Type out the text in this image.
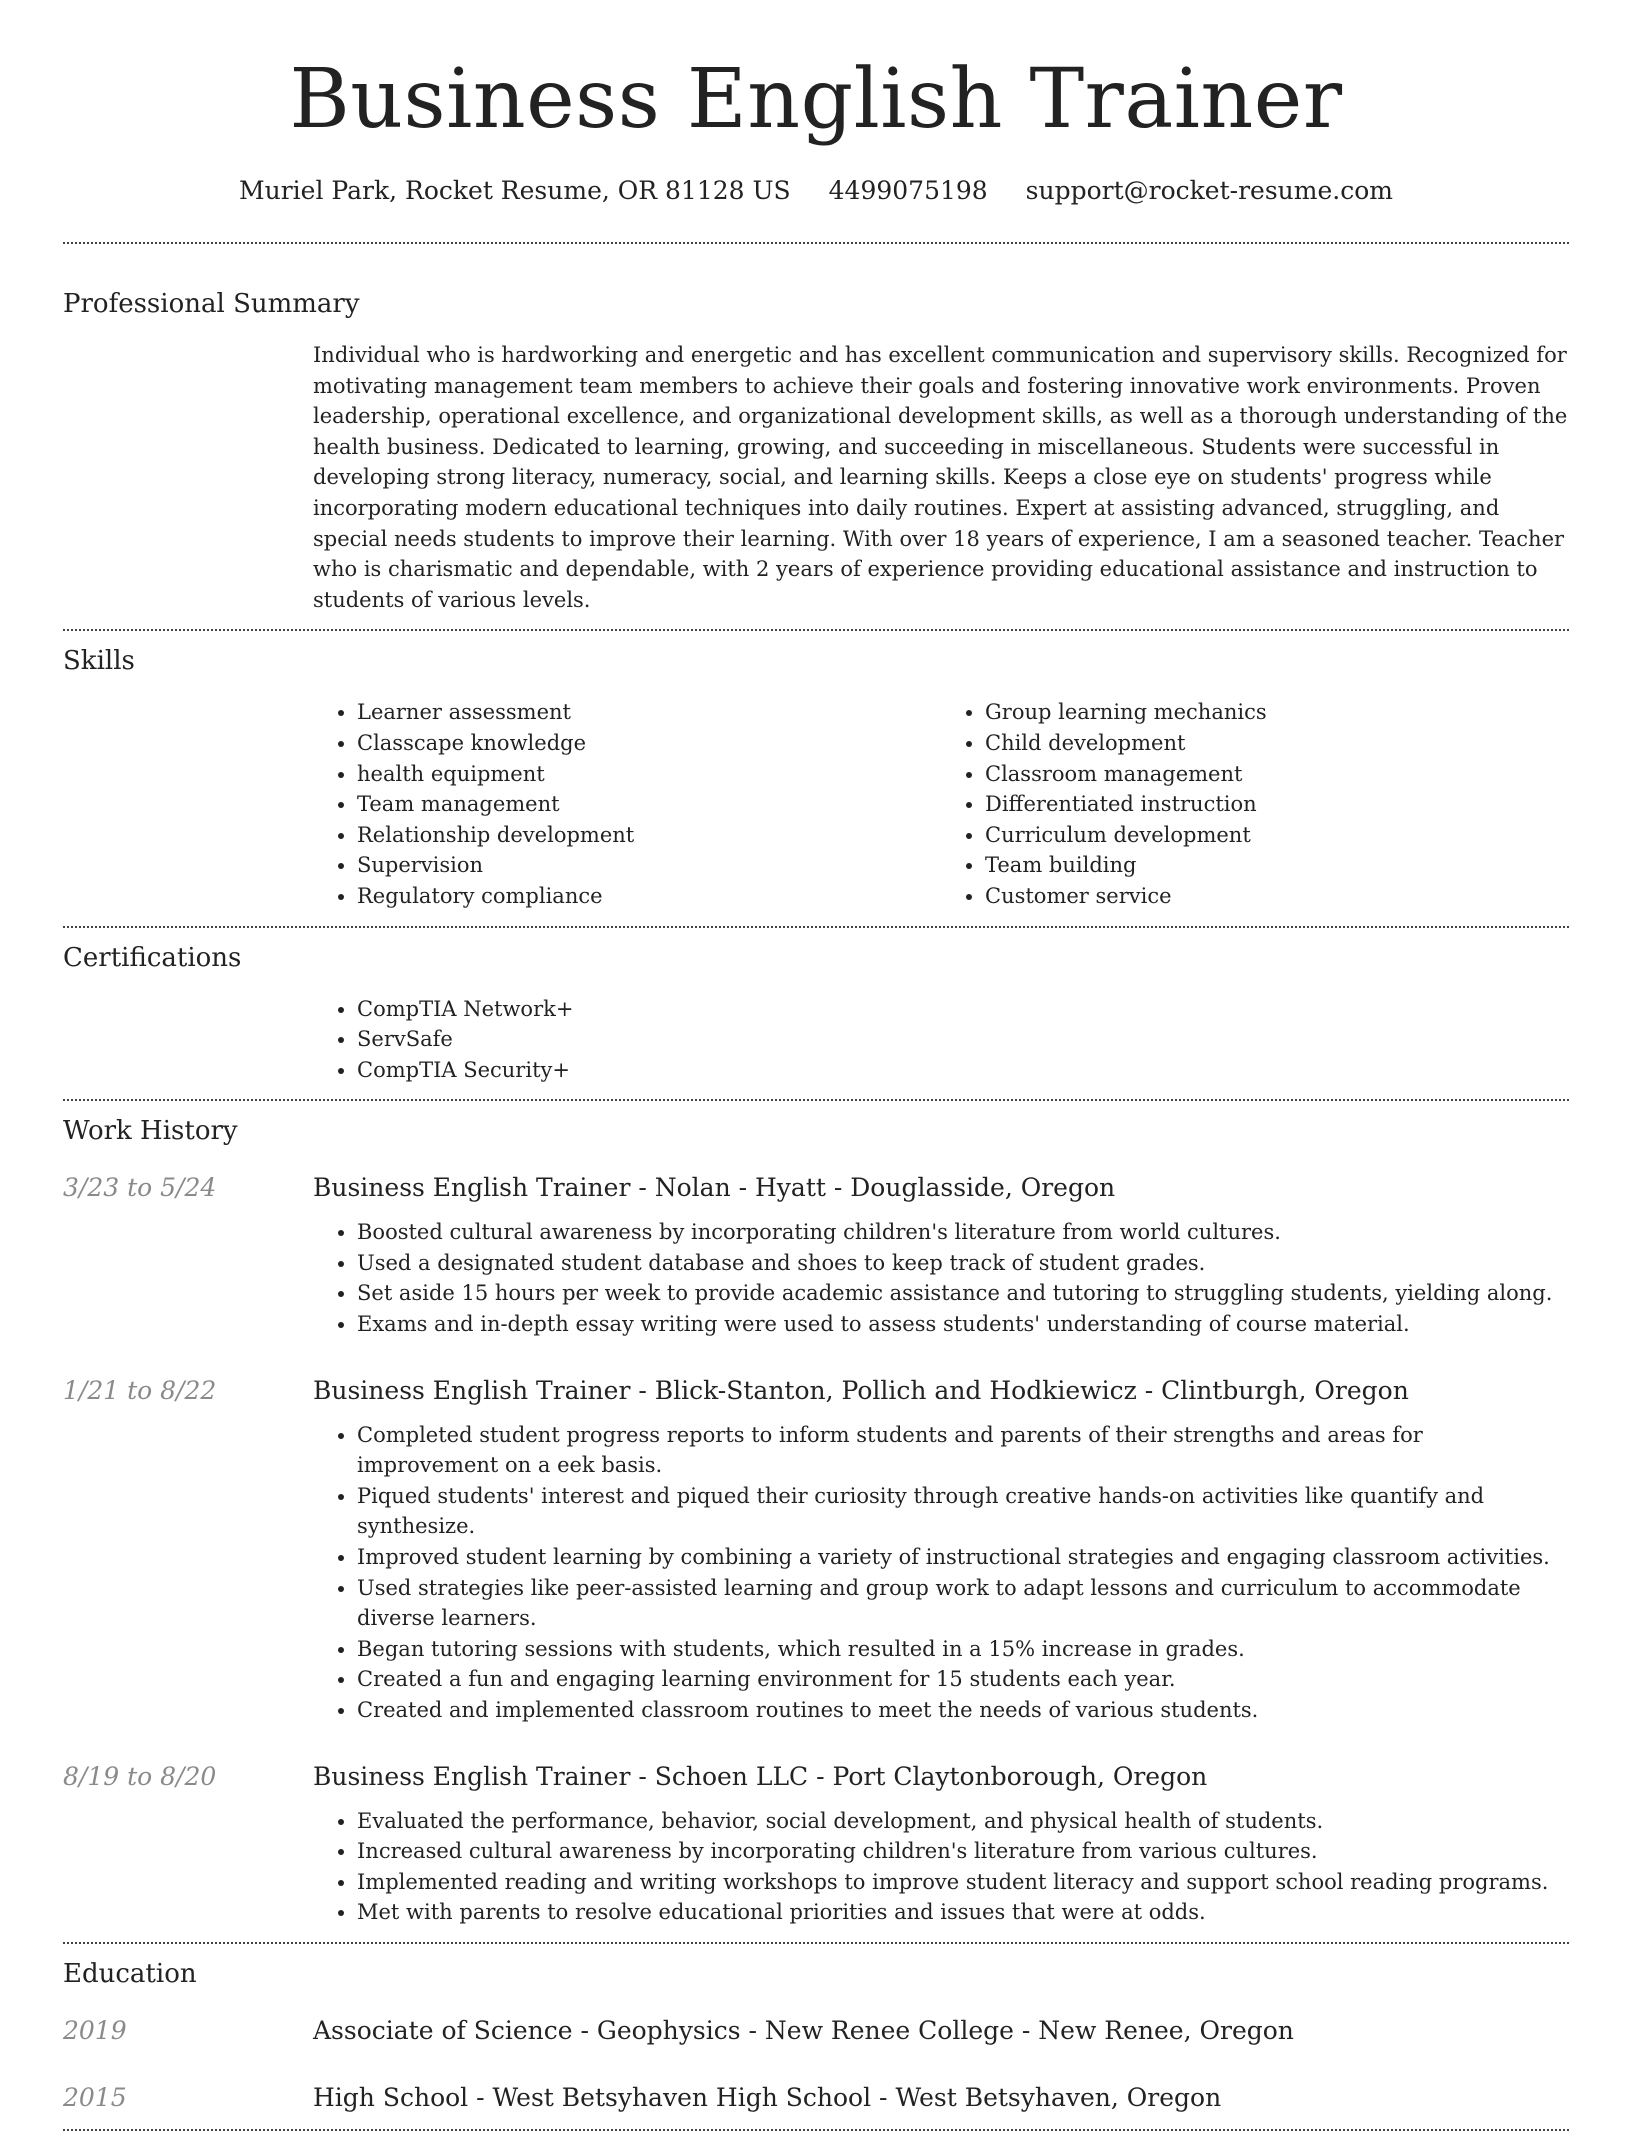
Business English Trainer
Muriel Park, Rocket Resume, OR 81128 US 4499075198 support@rocket-resume.com
Professional Summary

Individual who is hardworking and energetic and has excellent communication and supervisory skills. Recognized for motivating management team members to achieve their goals and fostering innovative work environments. Proven leadership, operational excellence, and organizational development skills, as well as a thorough understanding of the health business. Dedicated to learning, growing, and succeeding in miscellaneous. Students were successful in developing strong literacy, numeracy, social, and learning skills. Keeps a close eye on students' progress while incorporating modern educational techniques into daily routines. Expert at assisting advanced, struggling, and special needs students to improve their learning. With over 18 years of experience, I am a seasoned teacher. Teacher who is charismatic and dependable, with 2 years of experience providing educational assistance and instruction to students of various levels.

Skills
• Learner assessment
• Classcape knowledge
• health equipment
• Team management
• Relationship development
• Supervision
• Regulatory compliance
• Group learning mechanics
• Child development
• Classroom management
• Differentiated instruction
• Curriculum development
• Team building
• Customer service
Certifications
• CompTIA Network+
• ServSafe
• CompTIA Security+
Work History
3/23 to 5/24	Business English Trainer - Nolan - Hyatt - Douglasside, Oregon
• Boosted cultural awareness by incorporating children's literature from world cultures.
• Used a designated student database and shoes to keep track of student grades.
• Set aside 15 hours per week to provide academic assistance and tutoring to struggling students, yielding along.
• Exams and in-depth essay writing were used to assess students' understanding of course material.
1/21 to 8/22	Business English Trainer - Blick-Stanton, Pollich and Hodkiewicz - Clintburgh, Oregon
• Completed student progress reports to inform students and parents of their strengths and areas for improvement on a eek basis.
• Piqued students' interest and piqued their curiosity through creative hands-on activities like quantify and synthesize.
• Improved student learning by combining a variety of instructional strategies and engaging classroom activities.
• Used strategies like peer-assisted learning and group work to adapt lessons and curriculum to accommodate diverse learners.
• Began tutoring sessions with students, which resulted in a 15% increase in grades.
• Created a fun and engaging learning environment for 15 students each year.
• Created and implemented classroom routines to meet the needs of various students.
8/19 to 8/20	Business English Trainer - Schoen LLC - Port Claytonborough, Oregon
• Evaluated the performance, behavior, social development, and physical health of students.
• Increased cultural awareness by incorporating children's literature from various cultures.
• Implemented reading and writing workshops to improve student literacy and support school reading programs.
• Met with parents to resolve educational priorities and issues that were at odds.
Education
2019	Associate of Science - Geophysics - New Renee College - New Renee, Oregon
2015	High School - West Betsyhaven High School - West Betsyhaven, Oregon
